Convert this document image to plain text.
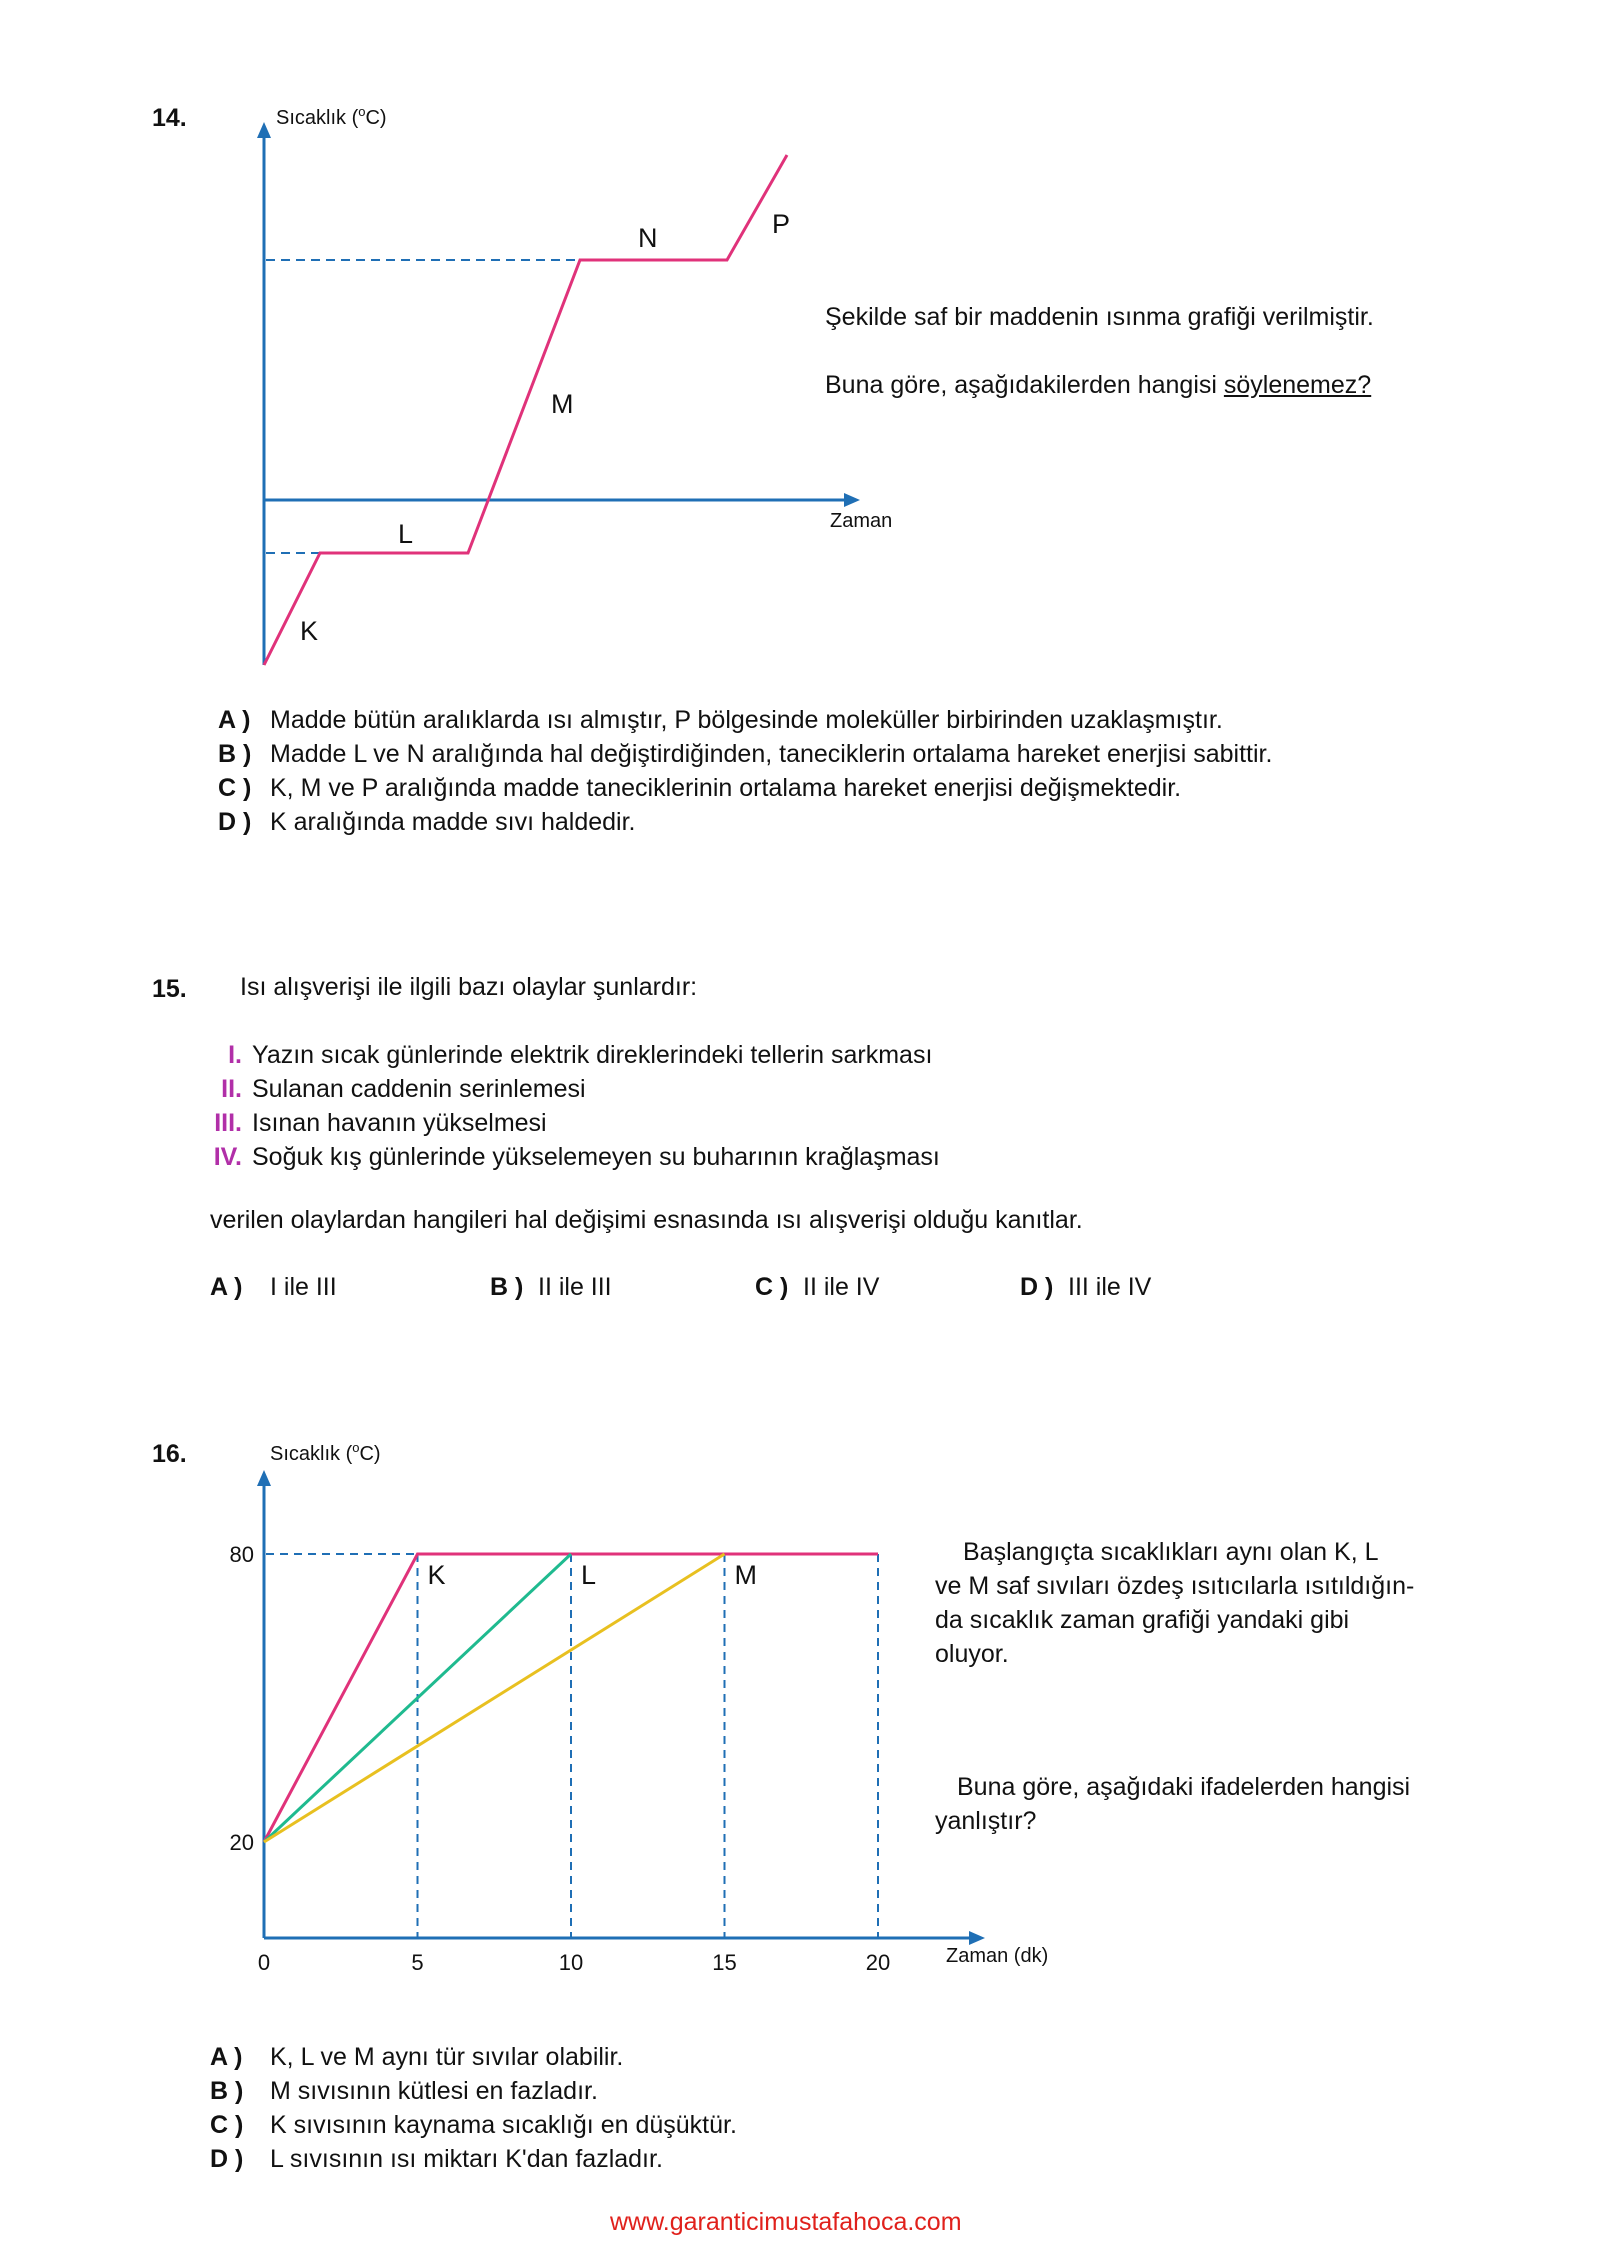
14.	Sıcaklık ($^o$C)
Zaman
K
L
M
N	P
Şekilde saf bir maddenin ısınma grafiği verilmiştir.
Buna göre, aşağıdakilerden hangisi söylenemez?
A ) Madde bütün aralıklarda ısı almıştır, P bölgesinde moleküller birbirinden uzaklaşmıştır.
B ) Madde L ve N aralığında hal değiştirdiğinden, taneciklerin ortalama hareket enerjisi sabittir.
C ) K, M ve P aralığında madde taneciklerinin ortalama hareket enerjisi değişmektedir.
D ) K aralığında madde sıvı haldedir.
15. Isı alışverişi ile ilgili bazı olaylar şunlardır:
I. Yazın sıcak günlerinde elektrik direklerindeki tellerin sarkması
II. Sulanan caddenin serinlemesi
III. Isınan havanın yükselmesi
IV. Soğuk kış günlerinde yükselemeyen su buharının krağlaşması
verilen olaylardan hangileri hal değişimi esnasında ısı alışverişi olduğu kanıtlar.
A ) I ile III	B ) II ile III	C ) II ile IV	D ) III ile IV
16.
0	5	10	15	20
20
80
K	L	M
Sıcaklık ($^o$C)
Zaman (dk)
Başlangıçta sıcaklıkları aynı olan K, L
ve M saf sıvıları özdeş ısıtıcılarla ısıtıldığın-
da sıcaklık zaman grafiği yandaki gibi
oluyor.
Buna göre, aşağıdaki ifadelerden hangisi
yanlıştır?
A ) K, L ve M aynı tür sıvılar olabilir.
B ) M sıvısının kütlesi en fazladır.
C ) K sıvısının kaynama sıcaklığı en düşüktür.
D ) L sıvısının ısı miktarı K'dan fazladır.
www.garanticimustafahoca.com
